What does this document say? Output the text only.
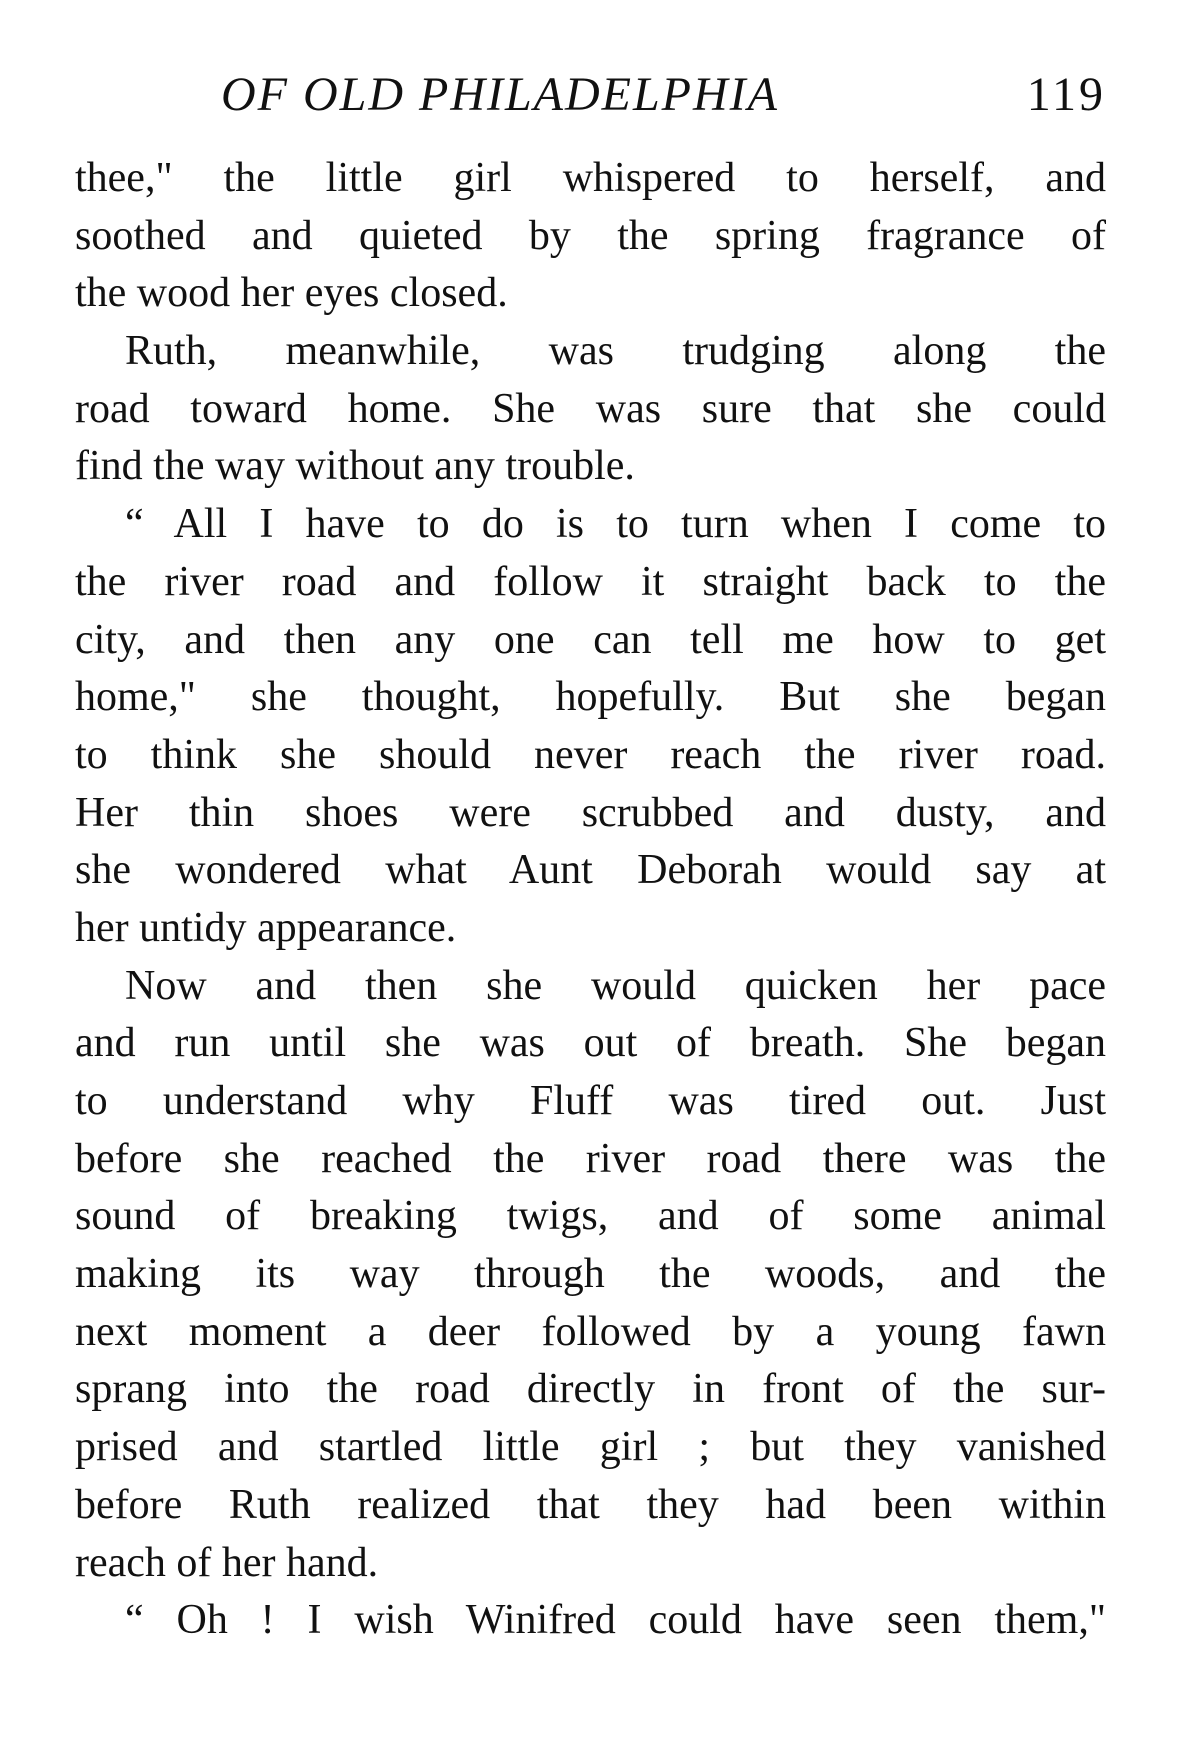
OF OLD PHILADELPHIA	119
thee," the little girl whispered to herself, and
soothed and quieted by the spring fragrance of
the wood her eyes closed.
Ruth, meanwhile, was trudging along the
road toward home. She was sure that she could
find the way without any trouble.
“ All I have to do is to turn when I come to
the river road and follow it straight back to the
city, and then any one can tell me how to get
home," she thought, hopefully. But she began
to think she should never reach the river road.
Her thin shoes were scrubbed and dusty, and
she wondered what Aunt Deborah would say at
her untidy appearance.
Now and then she would quicken her pace
and run until she was out of breath. She began
to understand why Fluff was tired out. Just
before she reached the river road there was the
sound of breaking twigs, and of some animal
making its way through the woods, and the
next moment a deer followed by a young fawn
sprang into the road directly in front of the sur-
prised and startled little girl ; but they vanished
before Ruth realized that they had been within
reach of her hand.
“ Oh ! I wish Winifred could have seen them,"
